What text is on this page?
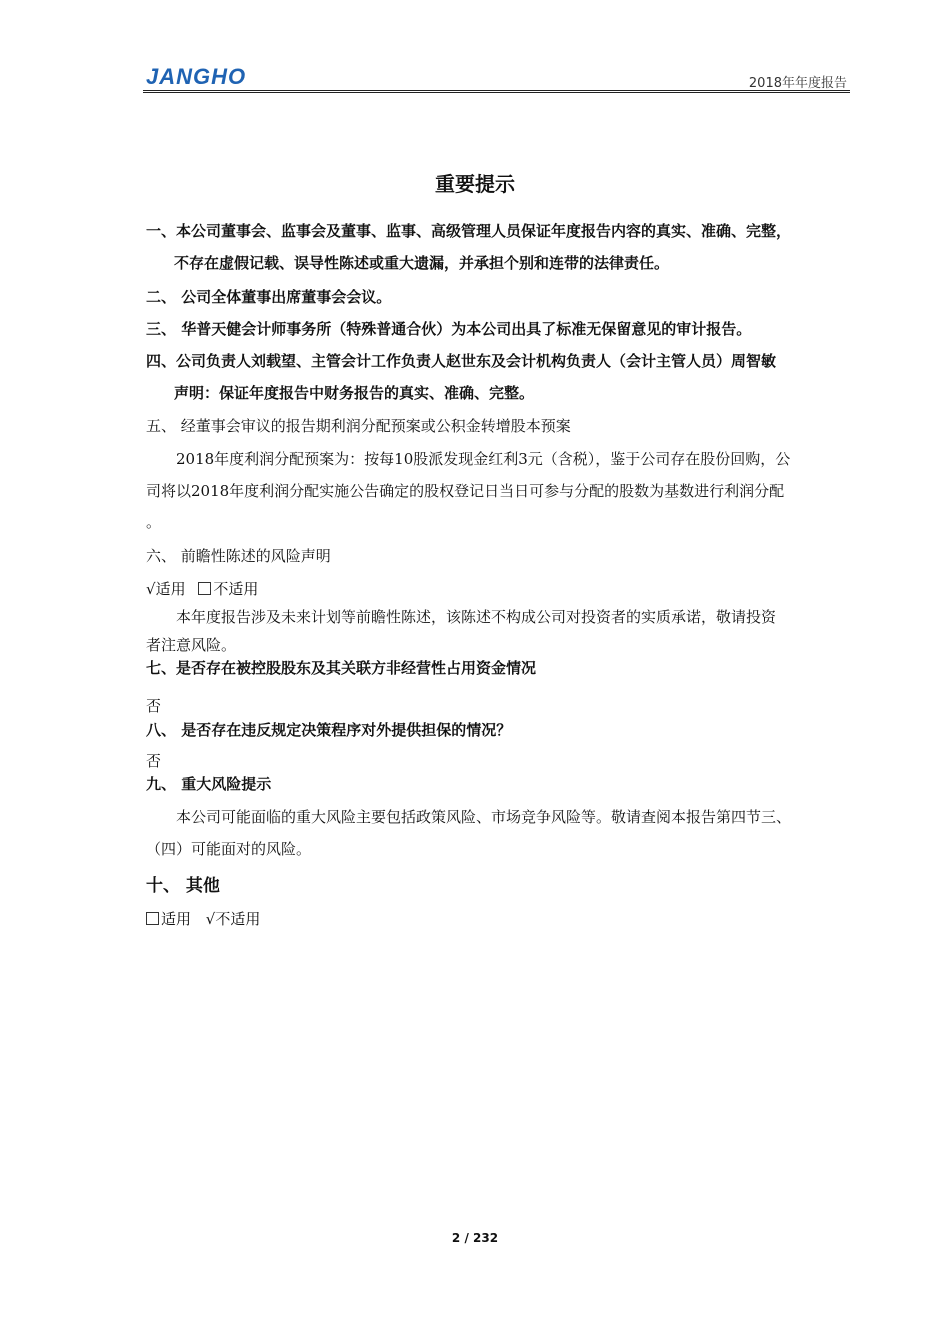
JANGHO	2018年年度报告
重要提示
一、本公司董事会、监事会及董事、监事、高级管理人员保证年度报告内容的真实、准确、完整，
不存在虚假记载、误导性陈述或重大遗漏，并承担个别和连带的法律责任。
二、 公司全体董事出席董事会会议。
三、 华普天健会计师事务所（特殊普通合伙）为本公司出具了标准无保留意见的审计报告。
四、公司负责人刘载望、主管会计工作负责人赵世东及会计机构负责人（会计主管人员）周智敏
声明：保证年度报告中财务报告的真实、准确、完整。
五、 经董事会审议的报告期利润分配预案或公积金转增股本预案
2018年度利润分配预案为：按每10股派发现金红利3元（含税），鉴于公司存在股份回购，公
司将以2018年度利润分配实施公告确定的股权登记日当日可参与分配的股数为基数进行利润分配
。
六、 前瞻性陈述的风险声明
√适用 不适用
本年度报告涉及未来计划等前瞻性陈述，该陈述不构成公司对投资者的实质承诺，敬请投资
者注意风险。
七、是否存在被控股股东及其关联方非经营性占用资金情况
否
八、 是否存在违反规定决策程序对外提供担保的情况？
否
九、 重大风险提示
本公司可能面临的重大风险主要包括政策风险、市场竞争风险等。敬请查阅本报告第四节三、
（四）可能面对的风险。
十、 其他
适用 √不适用
2 / 232
